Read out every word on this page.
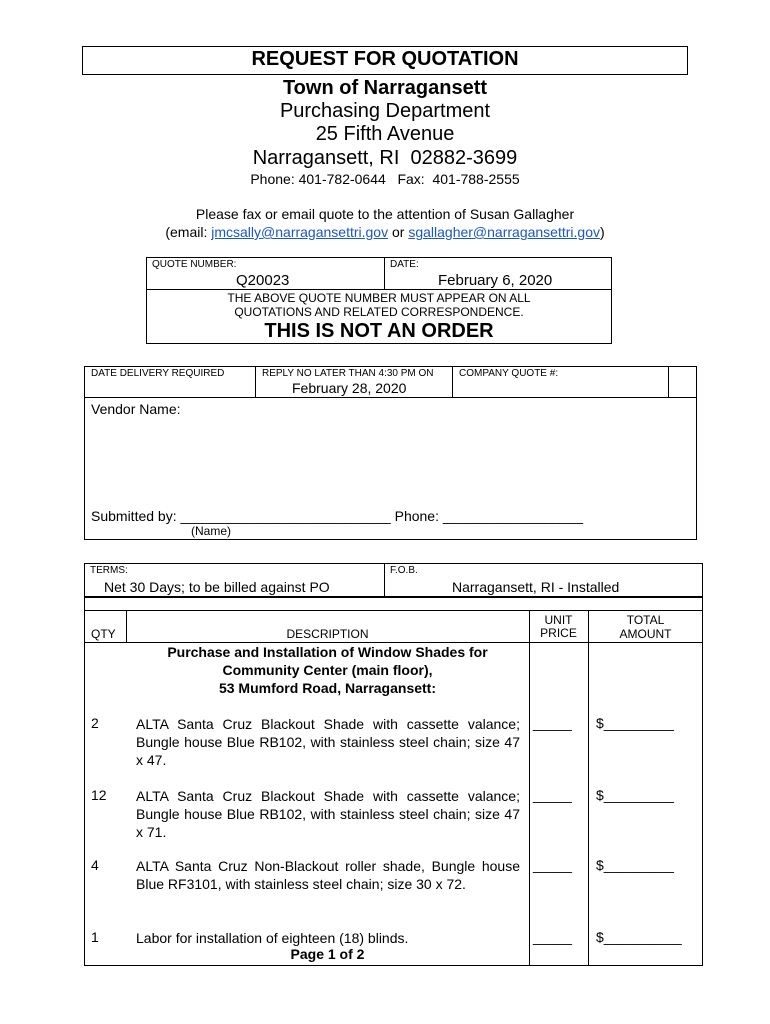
REQUEST FOR QUOTATION
Town of Narragansett
Purchasing Department
25 Fifth Avenue
Narragansett, RI  02882-3699
Phone: 401-782-0644   Fax:  401-788-2555
Please fax or email quote to the attention of Susan Gallagher
(email: jmcsally@narragansettri.gov or sgallagher@narragansettri.gov)
QUOTE NUMBER:
Q20023
DATE:
February 6, 2020
THE ABOVE QUOTE NUMBER MUST APPEAR ON ALL
QUOTATIONS AND RELATED CORRESPONDENCE.
THIS IS NOT AN ORDER
DATE DELIVERY REQUIRED	REPLY NO LATER THAN 4:30 PM ON
February 28, 2020
COMPANY QUOTE #:
Vendor Name:
Submitted by: ___________________________ Phone: __________________
(Name)
TERMS:
Net 30 Days; to be billed against PO
F.O.B.
Narragansett, RI - Installed
QTY	DESCRIPTION
UNIT
PRICE
TOTAL
AMOUNT
Purchase and Installation of Window Shades for
Community Center (main floor),
53 Mumford Road, Narragansett:
2	ALTA Santa Cruz Blackout Shade with cassette valance; Bungle house Blue RB102, with stainless steel chain; size 47 x 47.
_____ $_________
12 ALTA Santa Cruz Blackout Shade with cassette valance; Bungle house Blue RB102, with stainless steel chain; size 47 x 71.
_____ $_________
4	ALTA Santa Cruz Non-Blackout roller shade, Bungle house Blue RF3101, with stainless steel chain; size 30 x 72.
_____ $_________
1	Labor for installation of eighteen (18) blinds.	_____ $__________
Page 1 of 2
